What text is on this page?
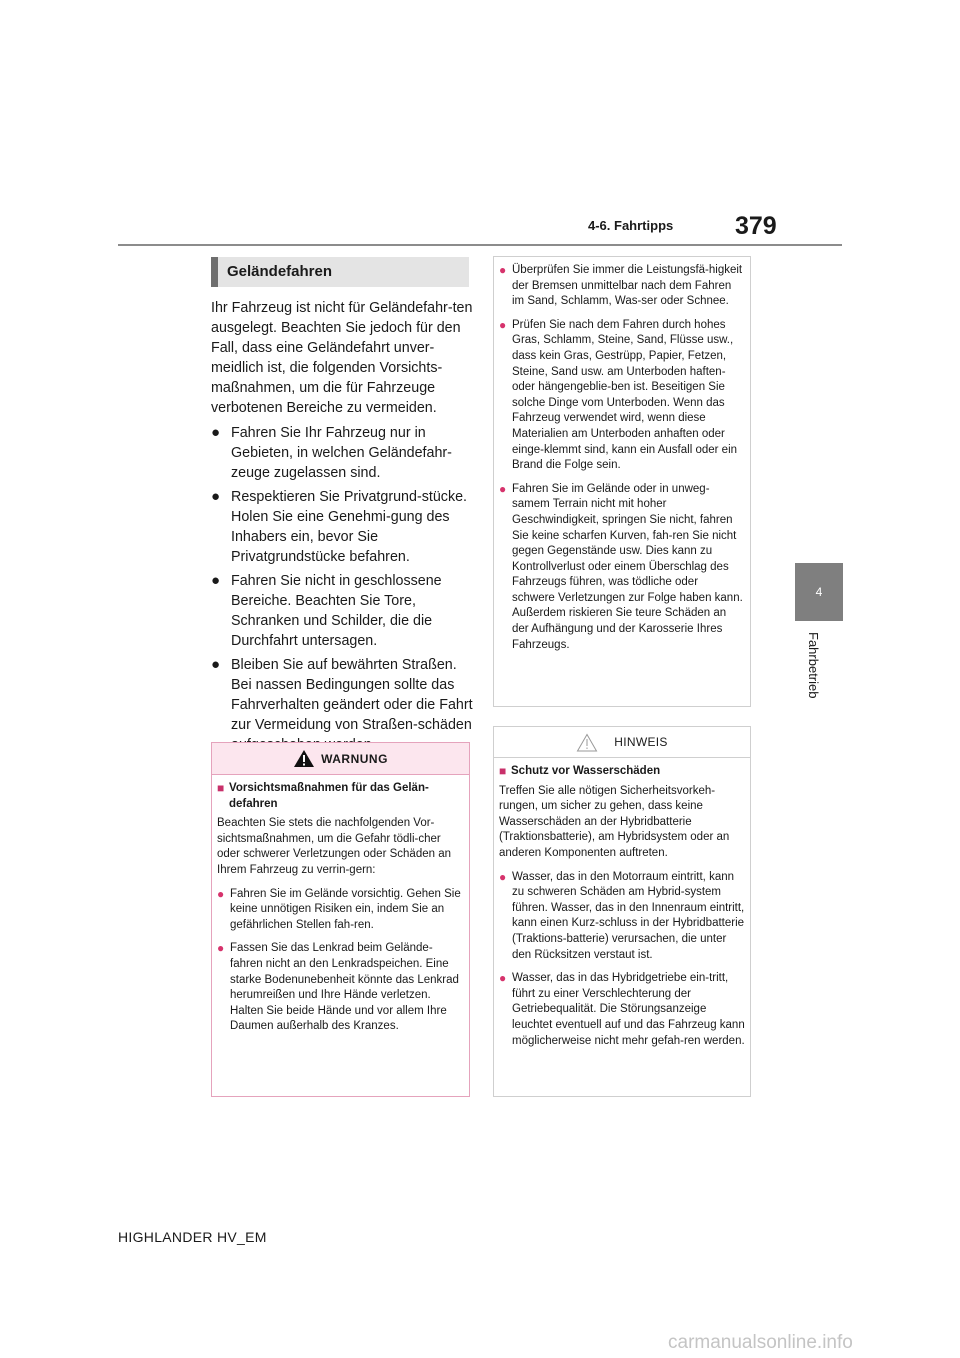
4-6. Fahrtipps 379
4
Fahrbetrieb
Geländefahren

Ihr Fahrzeug ist nicht für Geländefahr-ten ausgelegt. Beachten Sie jedoch für den Fall, dass eine Geländefahrt unver-meidlich ist, die folgenden Vorsichts-maßnahmen, um die für Fahrzeuge verbotenen Bereiche zu vermeiden.

● Fahren Sie Ihr Fahrzeug nur in Gebieten, in welchen Geländefahr-zeuge zugelassen sind.
● Respektieren Sie Privatgrund-stücke. Holen Sie eine Genehmi-gung des Inhabers ein, bevor Sie Privatgrundstücke befahren.
● Fahren Sie nicht in geschlossene Bereiche. Beachten Sie Tore, Schranken und Schilder, die die Durchfahrt untersagen.
● Bleiben Sie auf bewährten Straßen. Bei nassen Bedingungen sollte das Fahrverhalten geändert oder die Fahrt zur Vermeidung von Straßen-schäden
WARNUNG
■ Vorsichtsmaßnahmen für das Gelän-defahren
Beachten Sie stets die nachfolgenden Vor-sichtsmaßnahmen, um die Gefahr tödli-cher oder schwerer Verletzungen oder Schäden an Ihrem Fahrzeug zu verrin-gern:
● Fahren Sie im Gelände vorsichtig. Gehen Sie keine unnötigen Risiken ein, indem Sie an gefährlichen Stellen fah-ren.
● Fassen Sie das Lenkrad beim Gelände-fahren nicht an den Lenkradspeichen. Eine starke Bodenunebenheit könnte das Lenkrad herumreißen und Ihre Hände verletzen. Halten Sie beide Hände und vor allem Ihre Daumen außerhalb des Kranzes.
● Überprüfen Sie immer die Leistungsfä-higkeit der Bremsen unmittelbar nach dem Fahren im Sand, Schlamm, Was-ser oder Schnee.
● Prüfen Sie nach dem Fahren durch hohes Gras, Schlamm, Steine, Sand, Flüsse usw., dass kein Gras, Gestrüpp, Papier, Fetzen, Steine, Sand usw. am Unterboden haften- oder hängengeblie-ben ist. Beseitigen Sie solche Dinge vom Unterboden. Wenn das Fahrzeug verwendet wird, wenn diese Materialien am Unterboden anhaften oder einge-klemmt sind, kann ein Ausfall oder ein Brand die Folge sein.
● Fahren Sie im Gelände oder in unweg-samem Terrain nicht mit hoher Geschwindigkeit, springen Sie nicht, fahren Sie keine scharfen Kurven, fah-ren Sie nicht gegen Gegenstände usw. Dies kann zu Kontrollverlust oder einem Überschlag des Fahrzeugs führen, was tödliche oder schwere Verletzungen zur Folge haben kann. Außerdem riskieren Sie teure Schäden an der Aufhängung und der Karosserie Ihres Fahrzeugs.
HINWEIS
■ Schutz vor Wasserschäden
Treffen Sie alle nötigen Sicherheitsvorkeh-rungen, um sicher zu gehen, dass keine Wasserschäden an der Hybridbatterie (Traktionsbatterie), am Hybridsystem oder an anderen Komponenten auftreten.
● Wasser, das in den Motorraum eintritt, kann zu schweren Schäden am Hybrid-system führen. Wasser, das in den Innenraum eintritt, kann einen Kurz-schluss in der Hybridbatterie (Traktions-batterie) verursachen, die unter den Rücksitzen verstaut ist.
● Wasser, das in das Hybridgetriebe ein-tritt, führt zu einer Verschlechterung der Getriebequalität. Die Störungsanzeige leuchtet eventuell auf und das Fahrzeug kann möglicherweise nicht mehr gefah-ren werden.
HIGHLANDER HV_EM
carmanualsonline.info
